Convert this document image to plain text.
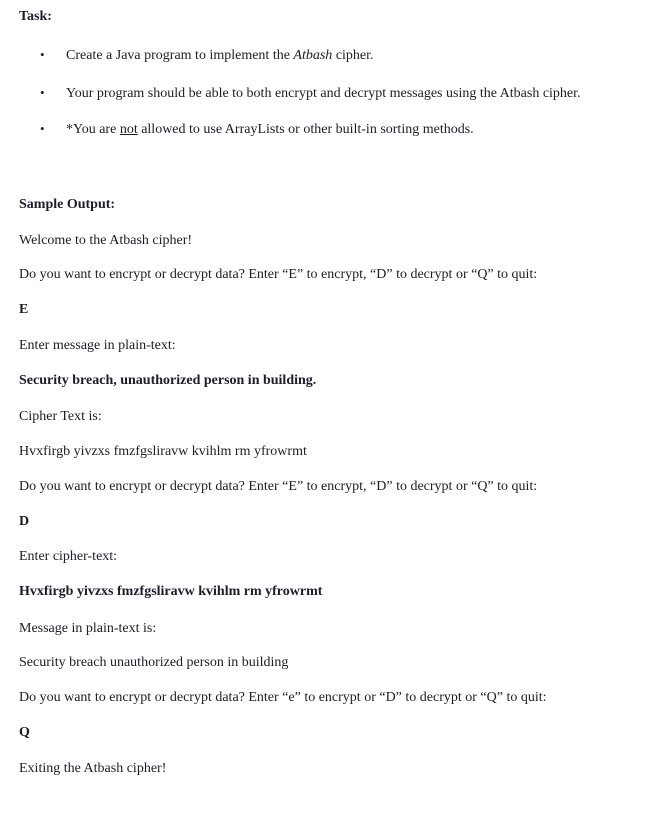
Task:
• Create a Java program to implement the Atbash cipher.
• Your program should be able to both encrypt and decrypt messages using the Atbash cipher.
• *You are not allowed to use ArrayLists or other built-in sorting methods.
Sample Output:
Welcome to the Atbash cipher!
Do you want to encrypt or decrypt data? Enter “E” to encrypt, “D” to decrypt or “Q” to quit:
E
Enter message in plain-text:
Security breach, unauthorized person in building.
Cipher Text is:
Hvxfirgb yivzxs fmzfgsliravw kvihlm rm yfrowrmt
Do you want to encrypt or decrypt data? Enter “E” to encrypt, “D” to decrypt or “Q” to quit:
D
Enter cipher-text:
Hvxfirgb yivzxs fmzfgsliravw kvihlm rm yfrowrmt
Message in plain-text is:
Security breach unauthorized person in building
Do you want to encrypt or decrypt data? Enter “e” to encrypt or “D” to decrypt or “Q” to quit:
Q
Exiting the Atbash cipher!
